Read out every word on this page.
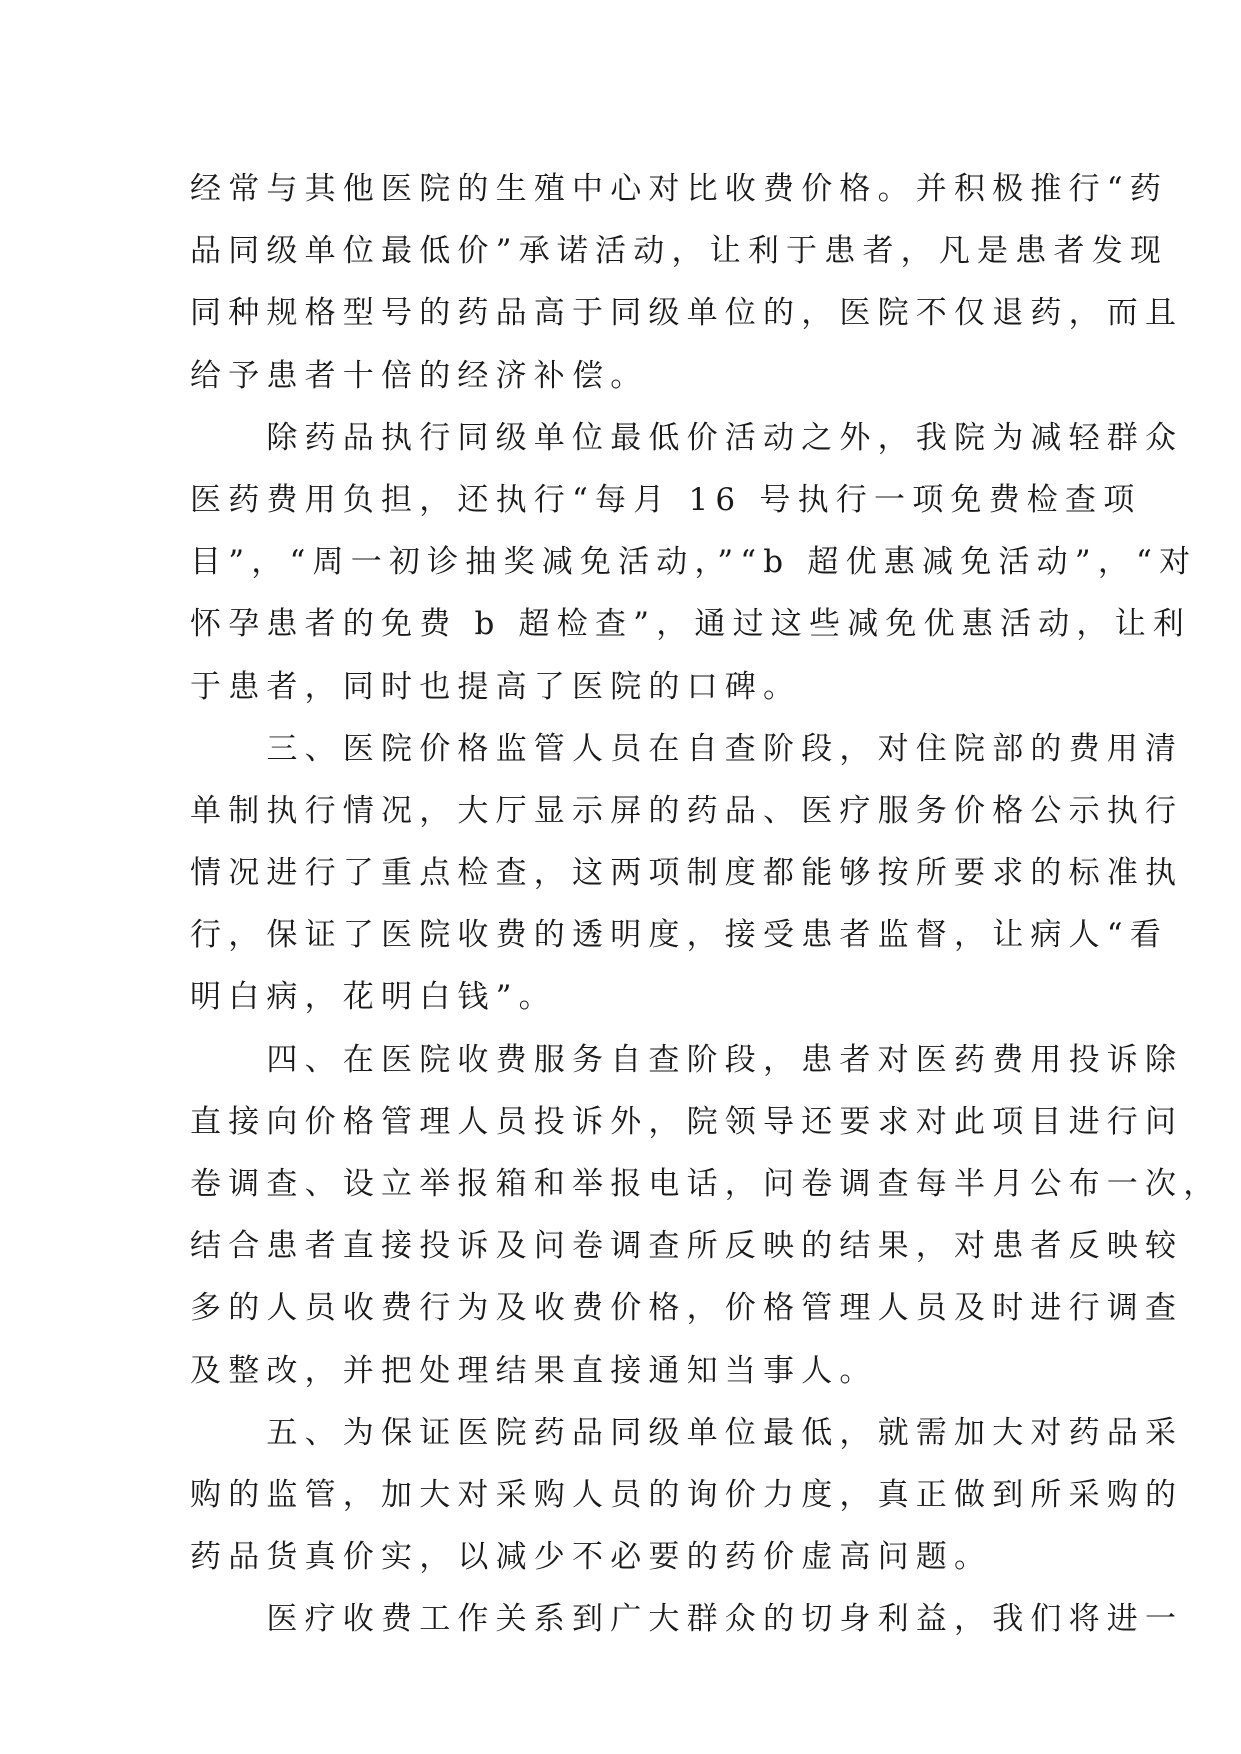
经常与其他医院的生殖中心对比收费价格。并积极推行“药
品同级单位最低价”承诺活动，让利于患者，凡是患者发现
同种规格型号的药品高于同级单位的，医院不仅退药，而且
给予患者十倍的经济补偿。
　　除药品执行同级单位最低价活动之外，我院为减轻群众
医药费用负担，还执行“每月 16 号执行一项免费检查项
目”，“周一初诊抽奖减免活动，”“b 超优惠减免活动”，“对
怀孕患者的免费 b 超检查”，通过这些减免优惠活动，让利
于患者，同时也提高了医院的口碑。
　　三、医院价格监管人员在自查阶段，对住院部的费用清
单制执行情况，大厅显示屏的药品、医疗服务价格公示执行
情况进行了重点检查，这两项制度都能够按所要求的标准执
行，保证了医院收费的透明度，接受患者监督，让病人“看
明白病，花明白钱”。
　　四、在医院收费服务自查阶段，患者对医药费用投诉除
直接向价格管理人员投诉外，院领导还要求对此项目进行问
卷调查、设立举报箱和举报电话，问卷调查每半月公布一次，
结合患者直接投诉及问卷调查所反映的结果，对患者反映较
多的人员收费行为及收费价格，价格管理人员及时进行调查
及整改，并把处理结果直接通知当事人。
　　五、为保证医院药品同级单位最低，就需加大对药品采
购的监管，加大对采购人员的询价力度，真正做到所采购的
药品货真价实，以减少不必要的药价虚高问题。
　　医疗收费工作关系到广大群众的切身利益，我们将进一
